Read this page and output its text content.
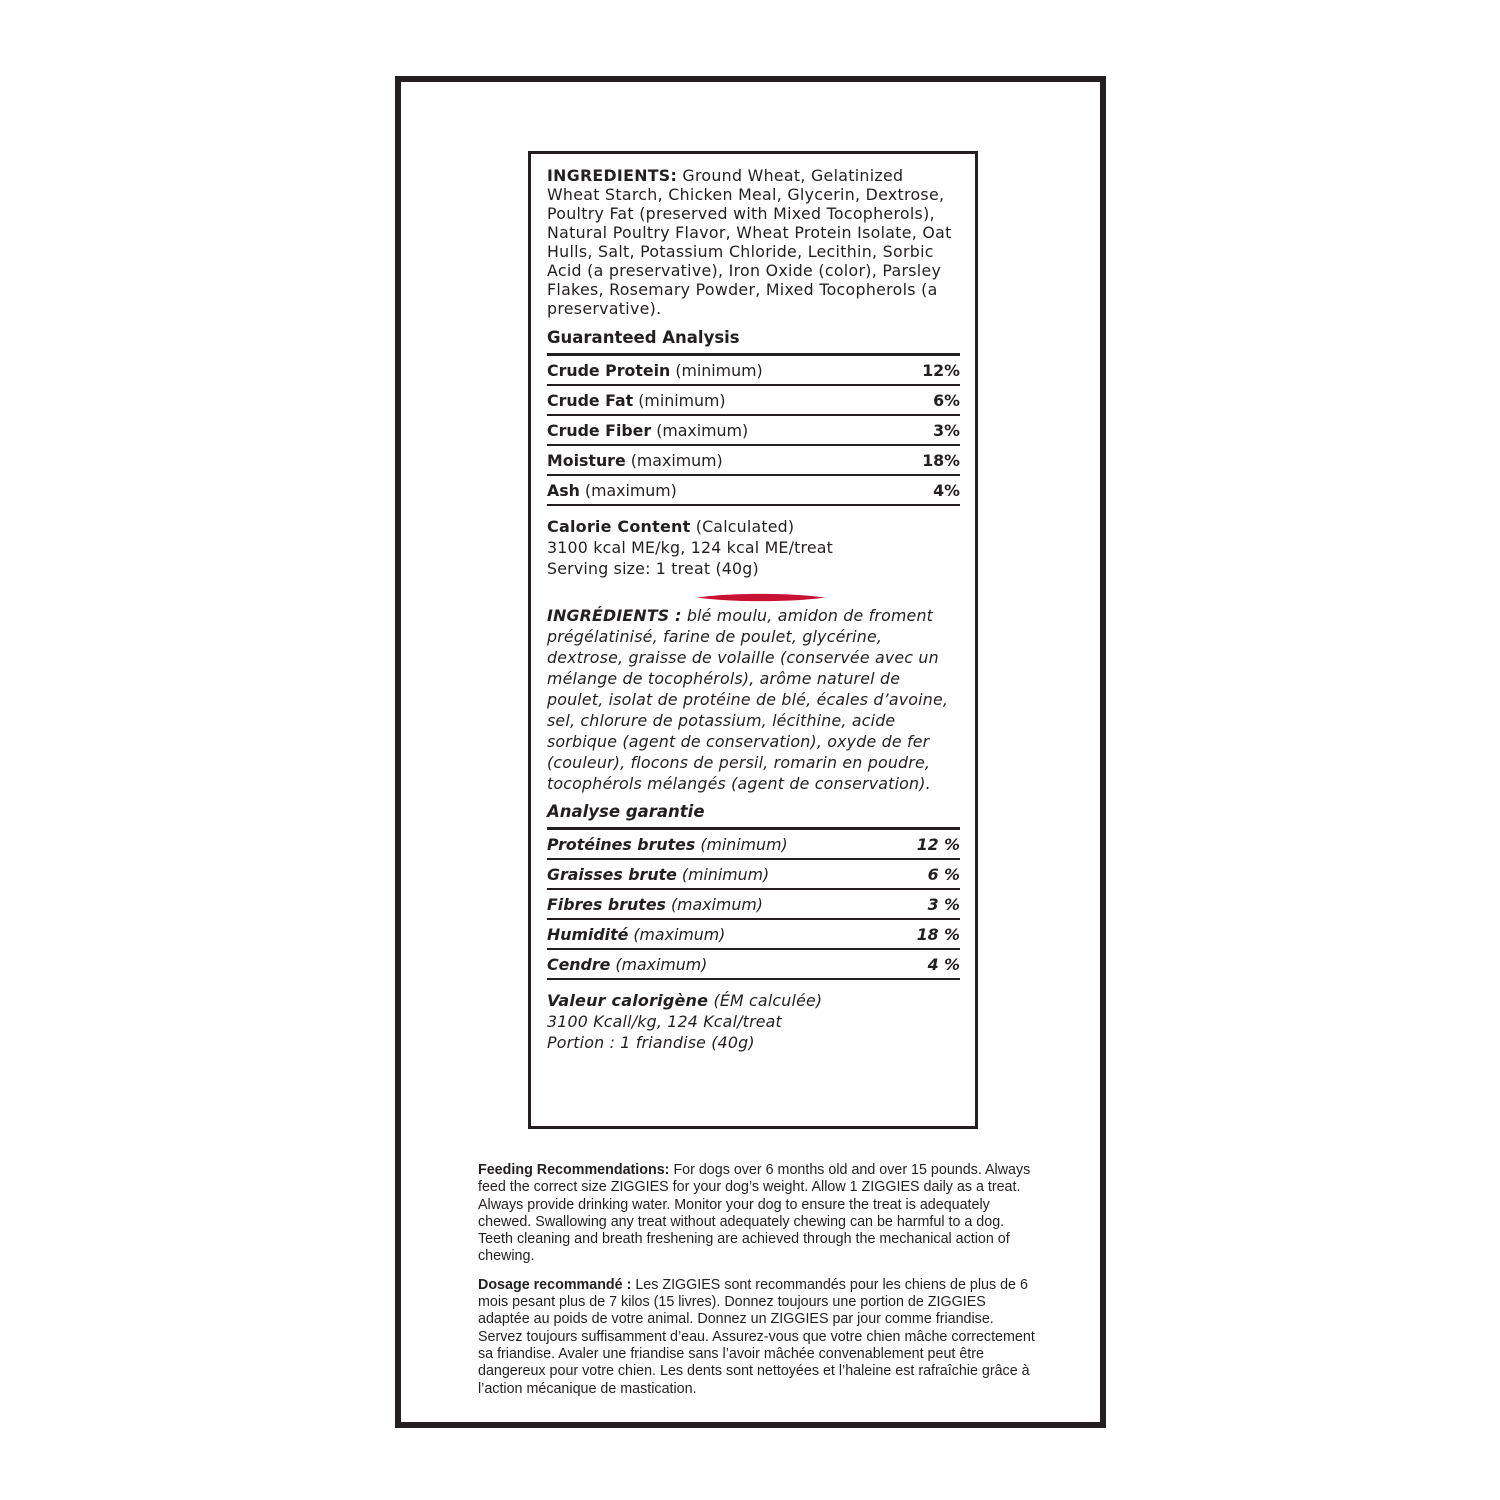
INGREDIENTS: Ground Wheat, Gelatinized Wheat Starch, Chicken Meal, Glycerin, Dextrose, Poultry Fat (preserved with Mixed Tocopherols), Natural Poultry Flavor, Wheat Protein Isolate, Oat Hulls, Salt, Potassium Chloride, Lecithin, Sorbic Acid (a preservative), Iron Oxide (color), Parsley Flakes, Rosemary Powder, Mixed Tocopherols (a preservative).

Guaranteed Analysis
Crude Protein (minimum)	12%
Crude Fat (minimum)	6%
Crude Fiber (maximum)	3%
Moisture (maximum)	18%
Ash (maximum)	4%
Calorie Content (Calculated)
3100 kcal ME/kg, 124 kcal ME/treat
Serving size: 1 treat (40g)

INGRÉDIENTS : blé moulu, amidon de froment prégélatinisé, farine de poulet, glycérine, dextrose, graisse de volaille (conservée avec un mélange de tocophérols), arôme naturel de poulet, isolat de protéine de blé, écales d’avoine, sel, chlorure de potassium, lécithine, acide sorbique (agent de conservation), oxyde de fer (couleur), flocons de persil, romarin en poudre, tocophérols mélangés (agent de conservation).

Analyse garantie
Protéines brutes (minimum)	12 %
Graisses brute (minimum)	6 %
Fibres brutes (maximum)	3 %
Humidité (maximum)	18 %
Cendre (maximum)	4 %
Valeur calorigène (ÉM calculée)
3100 Kcall/kg, 124 Kcal/treat
Portion : 1 friandise (40g)

Feeding Recommendations: For dogs over 6 months old and over 15 pounds. Always feed the correct size ZIGGIES for your dog’s weight. Allow 1 ZIGGIES daily as a treat. Always provide drinking water. Monitor your dog to ensure the treat is adequately chewed. Swallowing any treat without adequately chewing can be harmful to a dog. Teeth cleaning and breath freshening are achieved through the mechanical action of chewing.

Dosage recommandé : Les ZIGGIES sont recommandés pour les chiens de plus de 6 mois pesant plus de 7 kilos (15 livres). Donnez toujours une portion de ZIGGIES adaptée au poids de votre animal. Donnez un ZIGGIES par jour comme friandise. Servez toujours suffisamment d’eau. Assurez-vous que votre chien mâche correctement sa friandise. Avaler une friandise sans l’avoir mâchée convenablement peut être dangereux pour votre chien. Les dents sont nettoyées et l’haleine est rafraîchie grâce à l’action mécanique de mastication.
